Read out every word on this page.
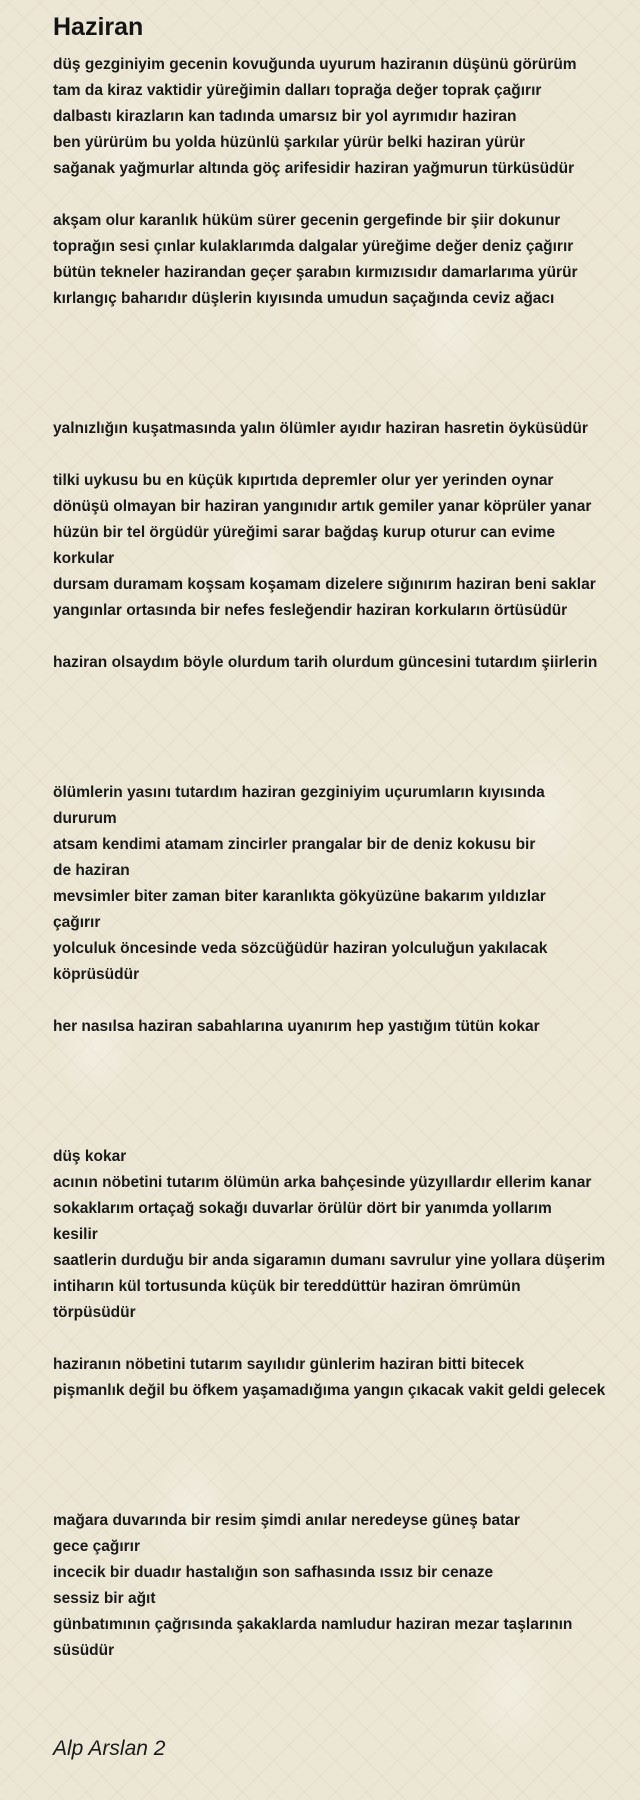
Haziran
düş gezginiyim gecenin kovuğunda uyurum haziranın düşünü görürüm
tam da kiraz vaktidir yüreğimin dalları toprağa değer toprak çağırır
dalbastı kirazların kan tadında umarsız bir yol ayrımıdır haziran
ben yürürüm bu yolda hüzünlü şarkılar yürür belki haziran yürür
sağanak yağmurlar altında göç arifesidir haziran yağmurun türküsüdür
akşam olur karanlık hüküm sürer gecenin gergefinde bir şiir dokunur
toprağın sesi çınlar kulaklarımda dalgalar yüreğime değer deniz çağırır
bütün tekneler hazirandan geçer şarabın kırmızısıdır damarlarıma yürür
kırlangıç baharıdır düşlerin kıyısında umudun saçağında ceviz ağacı
yalnızlığın kuşatmasında yalın ölümler ayıdır haziran hasretin öyküsüdür
tilki uykusu bu en küçük kıpırtıda depremler olur yer yerinden oynar
dönüşü olmayan bir haziran yangınıdır artık gemiler yanar köprüler yanar
hüzün bir tel örgüdür yüreğimi sarar bağdaş kurup oturur can evime
korkular
dursam duramam koşsam koşamam dizelere sığınırım haziran beni saklar
yangınlar ortasında bir nefes fesleğendir haziran korkuların örtüsüdür
haziran olsaydım böyle olurdum tarih olurdum güncesini tutardım şiirlerin
ölümlerin yasını tutardım haziran gezginiyim uçurumların kıyısında
dururum
atsam kendimi atamam zincirler prangalar bir de deniz kokusu bir
de haziran
mevsimler biter zaman biter karanlıkta gökyüzüne bakarım yıldızlar
çağırır
yolculuk öncesinde veda sözcüğüdür haziran yolculuğun yakılacak
köprüsüdür
her nasılsa haziran sabahlarına uyanırım hep yastığım tütün kokar
düş kokar
acının nöbetini tutarım ölümün arka bahçesinde yüzyıllardır ellerim kanar
sokaklarım ortaçağ sokağı duvarlar örülür dört bir yanımda yollarım
kesilir
saatlerin durduğu bir anda sigaramın dumanı savrulur yine yollara düşerim
intiharın kül tortusunda küçük bir tereddüttür haziran ömrümün
törpüsüdür
haziranın nöbetini tutarım sayılıdır günlerim haziran bitti bitecek
pişmanlık değil bu öfkem yaşamadığıma yangın çıkacak vakit geldi gelecek
mağara duvarında bir resim şimdi anılar neredeyse güneş batar
gece çağırır
incecik bir duadır hastalığın son safhasında ıssız bir cenaze
sessiz bir ağıt
günbatımının çağrısında şakaklarda namludur haziran mezar taşlarının
süsüdür

Alp Arslan 2
